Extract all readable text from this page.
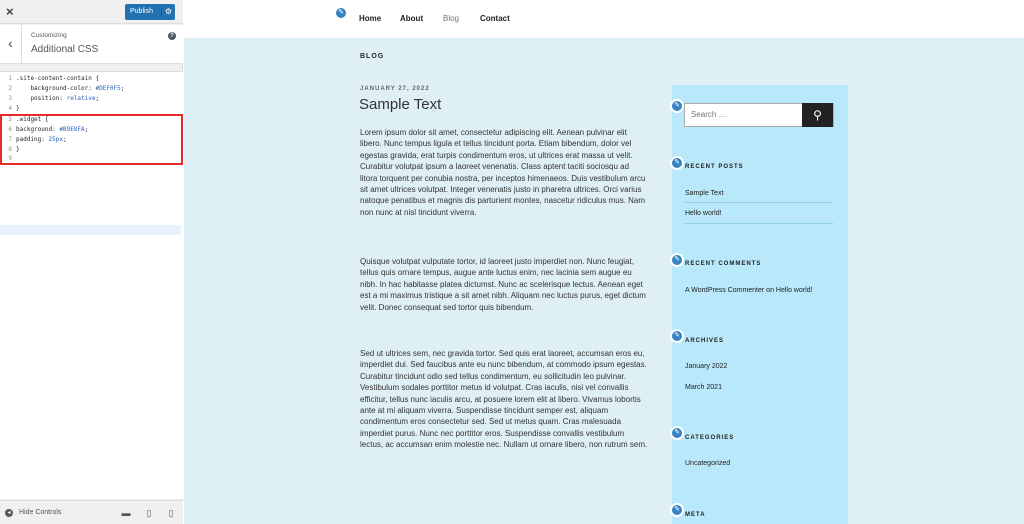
×	Publish ⚙
‹	Customizing
Additional CSS
?
1 .site-content-contain {
2    background-color: #DEF0F5;
3    position: relative;
4 }
5 .widget {
6 background: #B9E8FA;
7 padding: 25px;
8 }
9
◂	Hide Controls	▬	▯	▯
✎
Home About Blog	Contact
BLOG
JANUARY 27, 2022
Sample Text

Lorem ipsum dolor sit amet, consectetur adipiscing elit. Aenean pulvinar elit libero. Nunc tempus ligula et tellus tincidunt porta. Etiam bibendum, dolor vel egestas gravida, erat turpis condimentum eros, ut ultrices erat massa ut velit. Curabitur volutpat ipsum a laoreet venenatis. Class aptent taciti sociosqu ad litora torquent per conubia nostra, per inceptos himenaeos. Duis vestibulum arcu sit amet ultrices volutpat. Integer venenatis justo in pharetra ultrices. Orci varius natoque penatibus et magnis dis parturient montes, nascetur ridiculus mus. Nam non nunc at nisl tincidunt viverra.

Quisque volutpat vulputate tortor, id laoreet justo imperdiet non. Nunc feugiat, tellus quis ornare tempus, augue ante luctus enim, nec lacinia sem augue eu nibh. In hac habitasse platea dictumst. Nunc ac scelerisque lectus. Aenean eget est a mi maximus tristique a sit amet nibh. Aliquam nec luctus purus, eget dictum velit. Donec consequat sed tortor quis bibendum.

Sed ut ultrices sem, nec gravida tortor. Sed quis erat laoreet, accumsan eros eu, imperdiet dui. Sed faucibus ante eu nunc bibendum, at commodo ipsum egestas. Curabitur tincidunt odio sed tellus condimentum, eu sollicitudin leo pulvinar. Vestibulum sodales porttitor metus id volutpat. Cras iaculis, nisi vel convallis efficitur, tellus nunc iaculis arcu, at posuere lorem elit at libero. Vivamus lobortis ante at mi aliquam viverra. Suspendisse tincidunt semper est, aliquam condimentum eros consectetur sed. Sed ut metus quam. Cras malesuada imperdiet purus. Nunc nec porttitor eros. Suspendisse convallis vestibulum lectus, ac accumsan enim molestie nec. Nullam ut ornare libero, non rutrum sem.

✎
Search …
⚲
✎
RECENT POSTS
Sample Text
Hello world!
✎
RECENT COMMENTS
A WordPress Commenter on Hello world!
✎
ARCHIVES
January 2022
March 2021
✎
CATEGORIES
Uncategorized
✎
META
